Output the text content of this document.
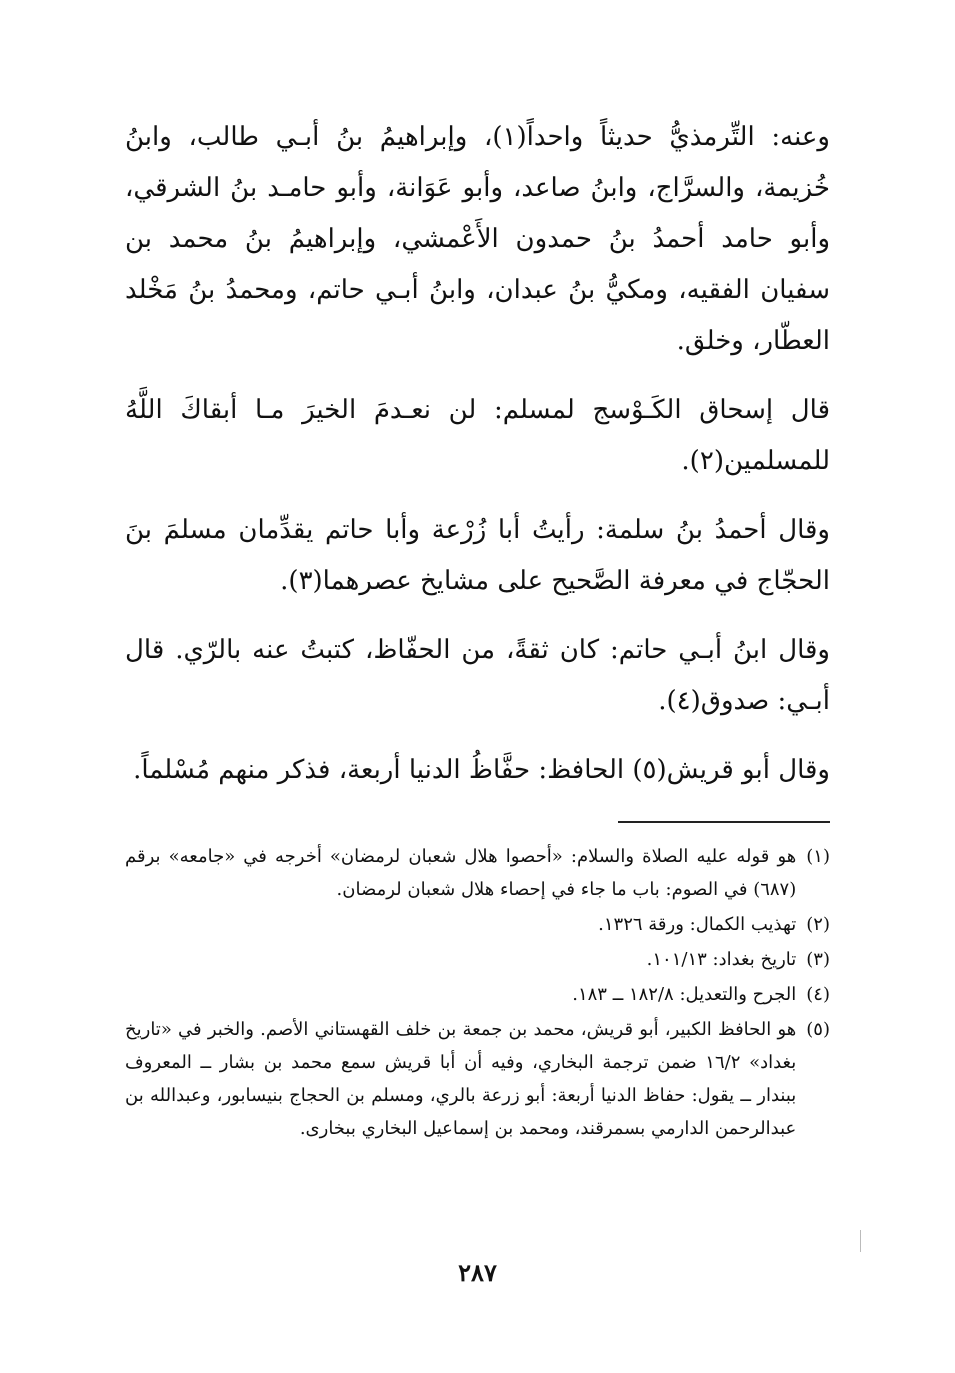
وعنه: التِّرمذيُّ حديثاً واحداً(١)، وإبراهيمُ بنُ أبـي طالب، وابنُ خُزيمة، والسرَّاج، وابنُ صاعد، وأبو عَوَانة، وأبو حامـد بنُ الشرقي، وأبو حامد أحمدُ بنُ حمدون الأَعْمشي، وإبراهيمُ بنُ محمد بن سفيان الفقيه، ومكيُّ بنُ عبدان، وابنُ أبـي حاتم، ومحمدُ بنُ مَخْلد العطّار، وخلق.

قال إسحاق الكَـوْسج لمسلم: لن نعـدمَ الخيرَ مـا أبقاكَ اللَّهُ للمسلمين(٢).

وقال أحمدُ بنُ سلمة: رأيتُ أبا زُرْعة وأبا حاتم يقدِّمان مسلمَ بنَ الحجّاج في معرفة الصَّحيح على مشايخ عصرهما(٣).

وقال ابنُ أبـي حاتم: كان ثقةً، من الحفّاظ، كتبتُ عنه بالرّي. قال أبـي: صدوق(٤).

وقال أبو قريش(٥) الحافظ: حفَّاظُ الدنيا أربعة، فذكر منهم مُسْلماً.

(١)
هو قوله عليه الصلاة والسلام: «أحصوا هلال شعبان لرمضان» أخرجه في «جامعه» برقم (٦٨٧) في الصوم: باب ما جاء في إحصاء هلال شعبان لرمضان.
(٢)
تهذيب الكمال: ورقة ١٣٢٦.
(٣)
تاريخ بغداد: ١٠١/١٣.
(٤)
الجرح والتعديل: ١٨٢/٨ ــ ١٨٣.
(٥)
هو الحافظ الكبير، أبو قريش، محمد بن جمعة بن خلف القهستاني الأصم. والخبر في «تاريخ بغداد» ١٦/٢ ضمن ترجمة البخاري، وفيه أن أبا قريش سمع محمد بن بشار ــ المعروف ببندار ــ يقول: حفاظ الدنيا أربعة: أبو زرعة بالري، ومسلم بن الحجاج بنيسابور، وعبدالله بن عبدالرحمن الدارمي بسمرقند، ومحمد بن إسماعيل البخاري ببخارى.
٢٨٧
